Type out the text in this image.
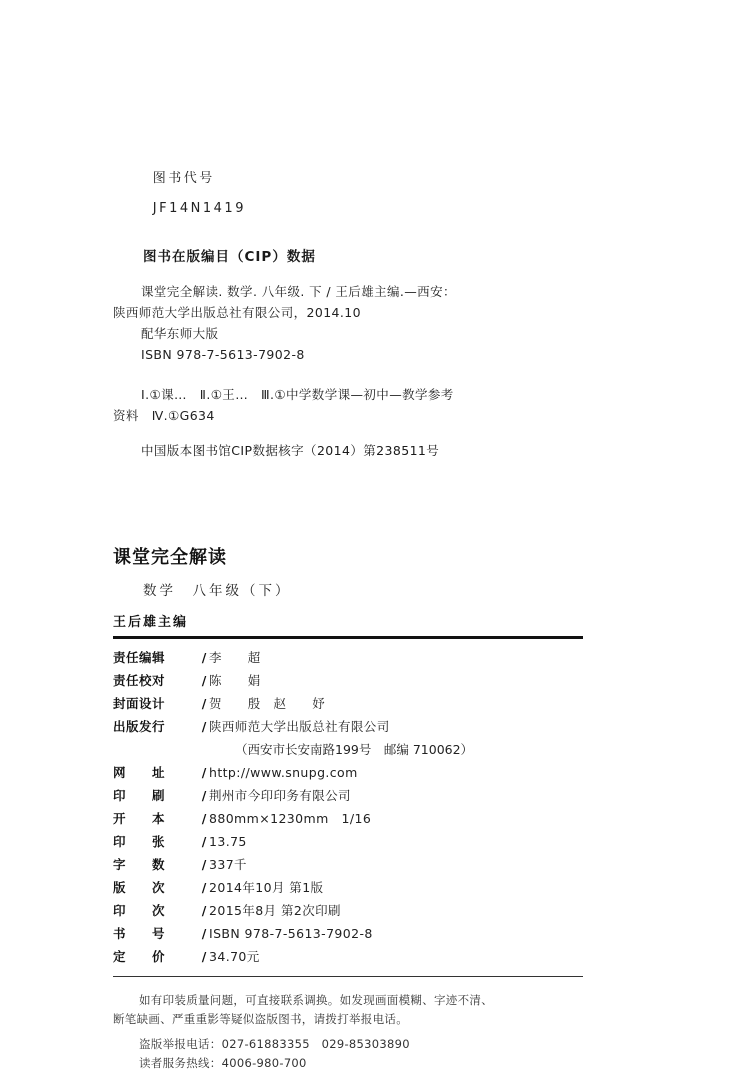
图书代号

JF14N1419

图书在版编目（CIP）数据
课堂完全解读. 数学. 八年级. 下 / 王后雄主编.—西安：
陕西师范大学出版总社有限公司，2014.10
配华东师大版
ISBN 978-7-5613-7902-8
Ⅰ.①课…　Ⅱ.①王…　Ⅲ.①中学数学课—初中—教学参考
资料　Ⅳ.①G634
中国版本图书馆CIP数据核字（2014）第238511号
课堂完全解读
数学　八年级（下）
王后雄主编
责任编辑	/ 李　　超
责任校对	/ 陈　　娟
封面设计	/ 贺　　殷　赵　　妤
出版发行	/ 陕西师范大学出版总社有限公司
（西安市长安南路199号　邮编 710062）
网　　址	/ http://www.snupg.com
印　　刷	/ 荆州市今印印务有限公司
开　　本	/ 880mm×1230mm　1/16
印　　张	/ 13.75
字　　数	/ 337千
版　　次	/ 2014年10月 第1版
印　　次	/ 2015年8月 第2次印刷
书　　号	/ ISBN 978-7-5613-7902-8
定　　价	/ 34.70元
如有印装质量问题，可直接联系调换。如发现画面模糊、字迹不清、
断笔缺画、严重重影等疑似盗版图书，请拨打举报电话。
盗版举报电话：027-61883355　029-85303890
读者服务热线：4006-980-700
